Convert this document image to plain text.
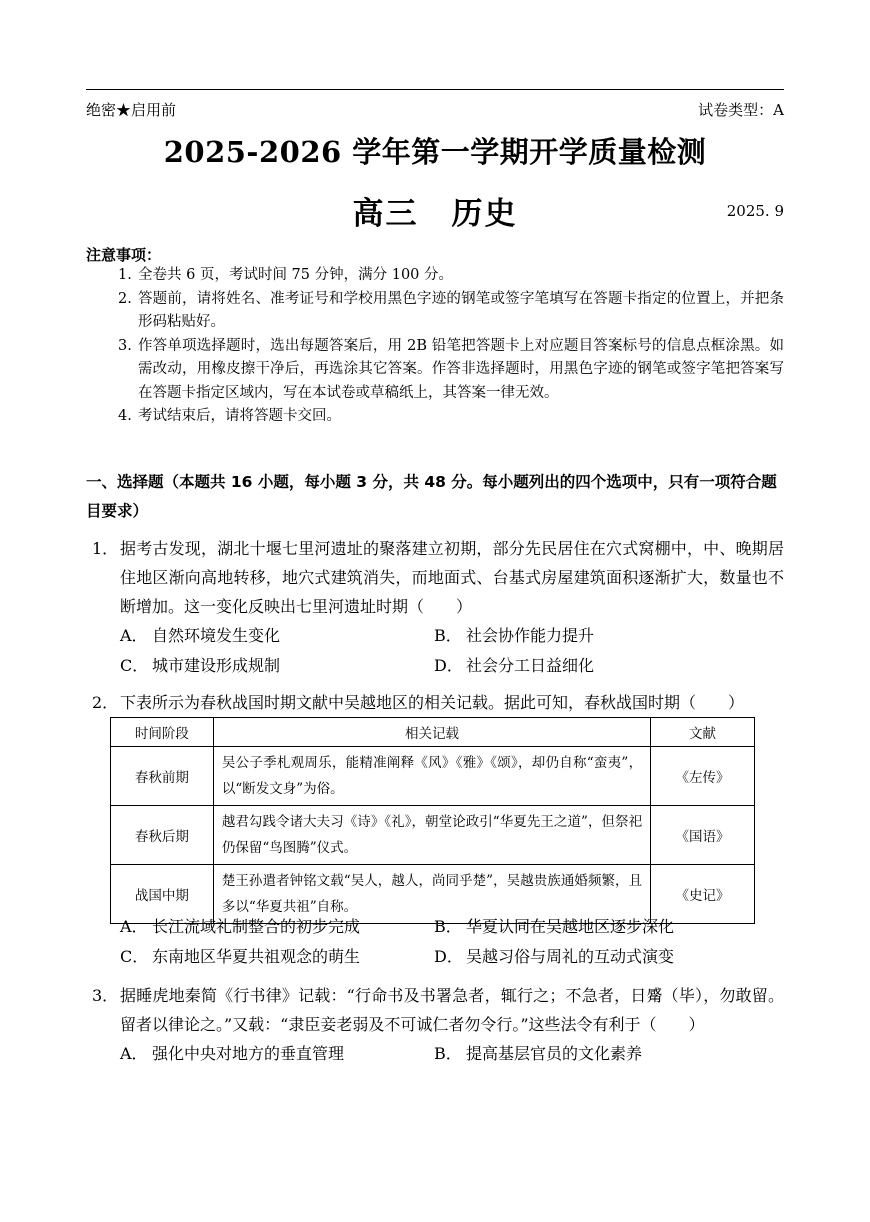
绝密★启用前	试卷类型：A
2025-2026 学年第一学期开学质量检测
高三　历史	2025. 9
注意事项：
1. 全卷共 6 页，考试时间 75 分钟，满分 100 分。
2. 答题前，请将姓名、准考证号和学校用黑色字迹的钢笔或签字笔填写在答题卡指定的位置上，并把条形码粘贴好。
3. 作答单项选择题时，选出每题答案后，用 2B 铅笔把答题卡上对应题目答案标号的信息点框涂黑。如需改动，用橡皮擦干净后，再选涂其它答案。作答非选择题时，用黑色字迹的钢笔或签字笔把答案写在答题卡指定区域内，写在本试卷或草稿纸上，其答案一律无效。
4. 考试结束后，请将答题卡交回。
一、选择题（本题共 16 小题，每小题 3 分，共 48 分。每小题列出的四个选项中，只有一项符合题目要求）
1． 据考古发现，湖北十堰七里河遗址的聚落建立初期，部分先民居住在穴式窝棚中，中、晚期居住地区渐向高地转移，地穴式建筑消失，而地面式、台基式房屋建筑面积逐渐扩大，数量也不断增加。这一变化反映出七里河遗址时期（　　）
A． 自然环境发生变化	B． 社会协作能力提升
C． 城市建设形成规制	D． 社会分工日益细化
2． 下表所示为春秋战国时期文献中吴越地区的相关记载。据此可知，春秋战国时期（　　）
时间阶段	相关记载	文献
春秋前期	吴公子季札观周乐，能精准阐释《风》《雅》《颂》，却仍自称“蛮夷”，以“断发文身”为俗。	《左传》
春秋后期	越君勾践令诸大夫习《诗》《礼》，朝堂论政引“华夏先王之道”，但祭祀仍保留“鸟图腾”仪式。	《国语》
战国中期	楚王孙遣者钟铭文载“吴人，越人，尚同乎楚”，吴越贵族通婚频繁，且多以“华夏共祖”自称。	《史记》
A． 长江流域礼制整合的初步完成	B． 华夏认同在吴越地区逐步深化
C． 东南地区华夏共祖观念的萌生	D． 吴越习俗与周礼的互动式演变
3． 据睡虎地秦简《行书律》记载：“行命书及书署急者，辄行之；不急者，日觱（毕），勿敢留。留者以律论之。”又载：“隶臣妾老弱及不可诚仁者勿令行。”这些法令有利于（　　）
A． 强化中央对地方的垂直管理	B． 提高基层官员的文化素养
